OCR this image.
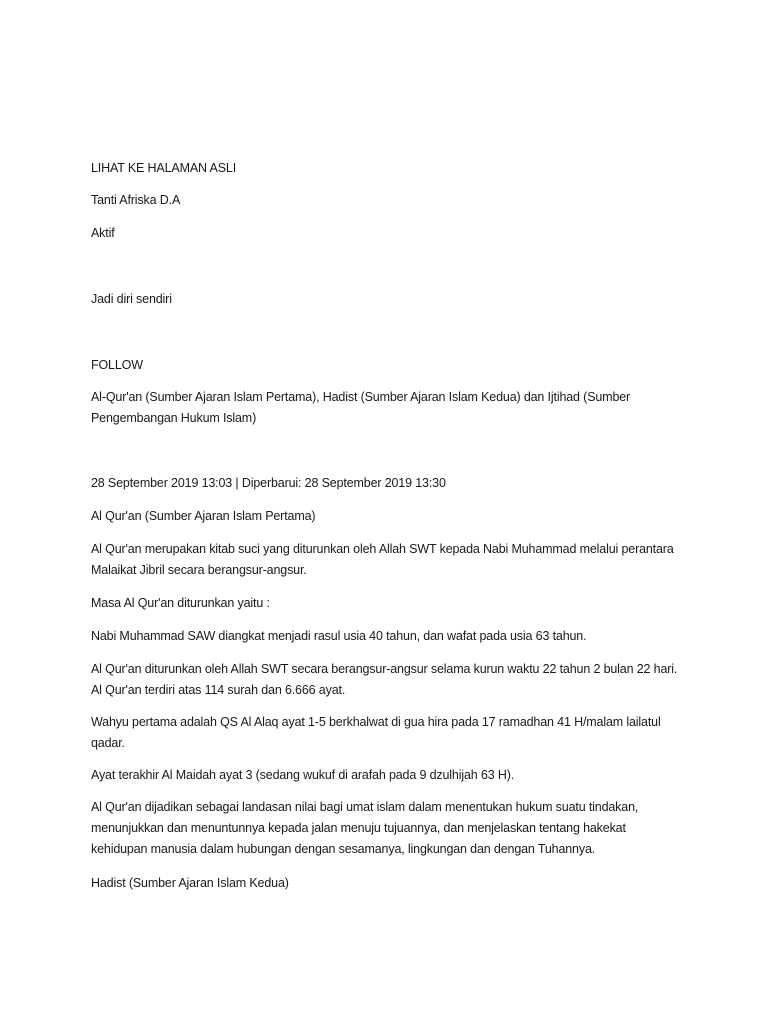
LIHAT KE HALAMAN ASLI

Tanti Afriska D.A

Aktif

Jadi diri sendiri

FOLLOW

Al-Qur'an (Sumber Ajaran Islam Pertama), Hadist (Sumber Ajaran Islam Kedua) dan Ijtihad (Sumber Pengembangan Hukum Islam)

28 September 2019 13:03 | Diperbarui: 28 September 2019 13:30

Al Qur'an (Sumber Ajaran Islam Pertama)

Al Qur'an merupakan kitab suci yang diturunkan oleh Allah SWT kepada Nabi Muhammad melalui perantara Malaikat Jibril secara berangsur-angsur.

Masa Al Qur'an diturunkan yaitu :

Nabi Muhammad SAW diangkat menjadi rasul usia 40 tahun, dan wafat pada usia 63 tahun.

Al Qur'an diturunkan oleh Allah SWT secara berangsur-angsur selama kurun waktu 22 tahun 2 bulan 22 hari. Al Qur'an terdiri atas 114 surah dan 6.666 ayat.

Wahyu pertama adalah QS Al Alaq ayat 1-5 berkhalwat di gua hira pada 17 ramadhan 41 H/malam lailatul qadar.

Ayat terakhir Al Maidah ayat 3 (sedang wukuf di arafah pada 9 dzulhijah 63 H).

Al Qur'an dijadikan sebagai landasan nilai bagi umat islam dalam menentukan hukum suatu tindakan, menunjukkan dan menuntunnya kepada jalan menuju tujuannya, dan menjelaskan tentang hakekat kehidupan manusia dalam hubungan dengan sesamanya, lingkungan dan dengan Tuhannya.

Hadist (Sumber Ajaran Islam Kedua)
